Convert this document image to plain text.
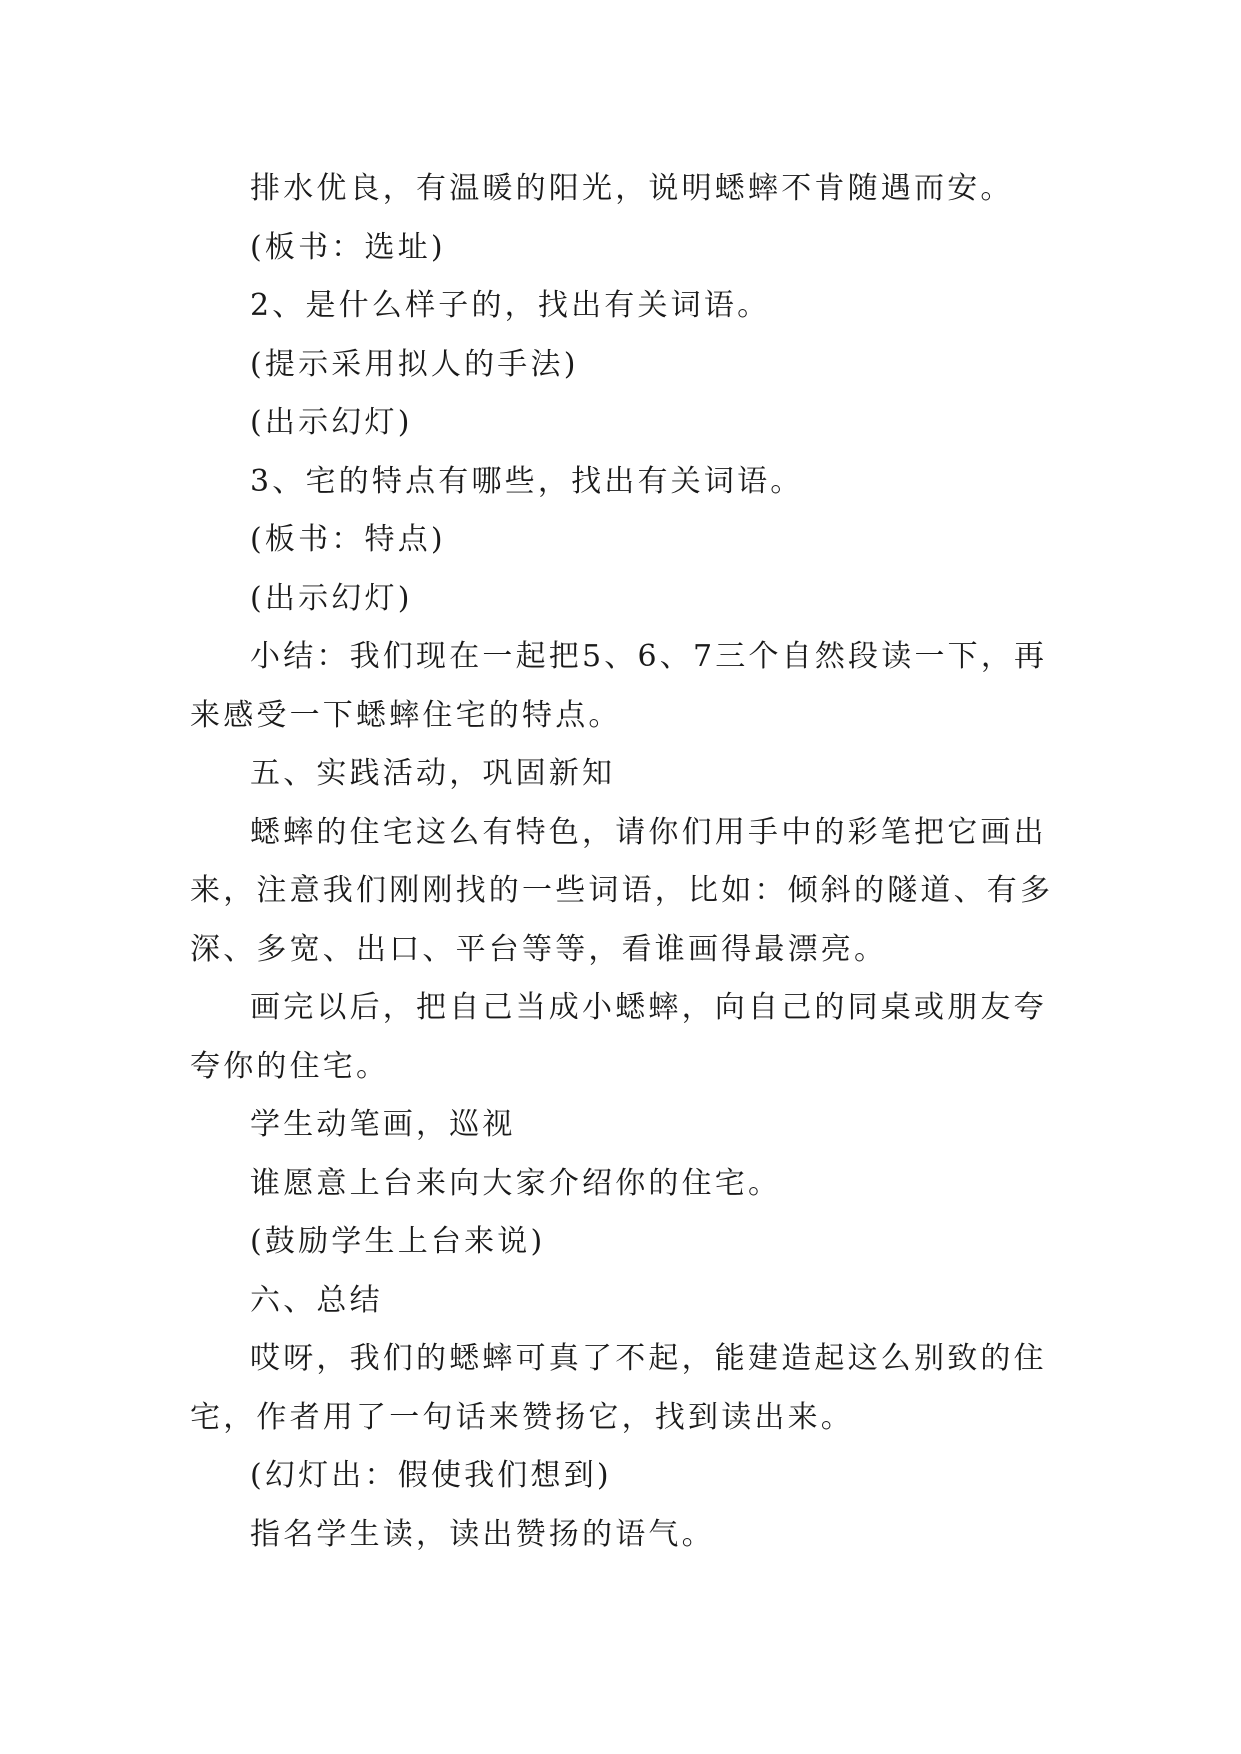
排水优良，有温暖的阳光，说明蟋蟀不肯随遇而安。

(板书：选址)

2、是什么样子的，找出有关词语。

(提示采用拟人的手法)

(出示幻灯)

3、宅的特点有哪些，找出有关词语。

(板书：特点)

(出示幻灯)

小结：我们现在一起把5、6、7三个自然段读一下，再来感受一下蟋蟀住宅的特点。

五、实践活动，巩固新知

蟋蟀的住宅这么有特色，请你们用手中的彩笔把它画出来，注意我们刚刚找的一些词语，比如：倾斜的隧道、有多深、多宽、出口、平台等等，看谁画得最漂亮。

画完以后，把自己当成小蟋蟀，向自己的同桌或朋友夸夸你的住宅。

学生动笔画，巡视

谁愿意上台来向大家介绍你的住宅。

(鼓励学生上台来说)

六、总结

哎呀，我们的蟋蟀可真了不起，能建造起这么别致的住宅，作者用了一句话来赞扬它，找到读出来。

(幻灯出：假使我们想到)

指名学生读，读出赞扬的语气。
